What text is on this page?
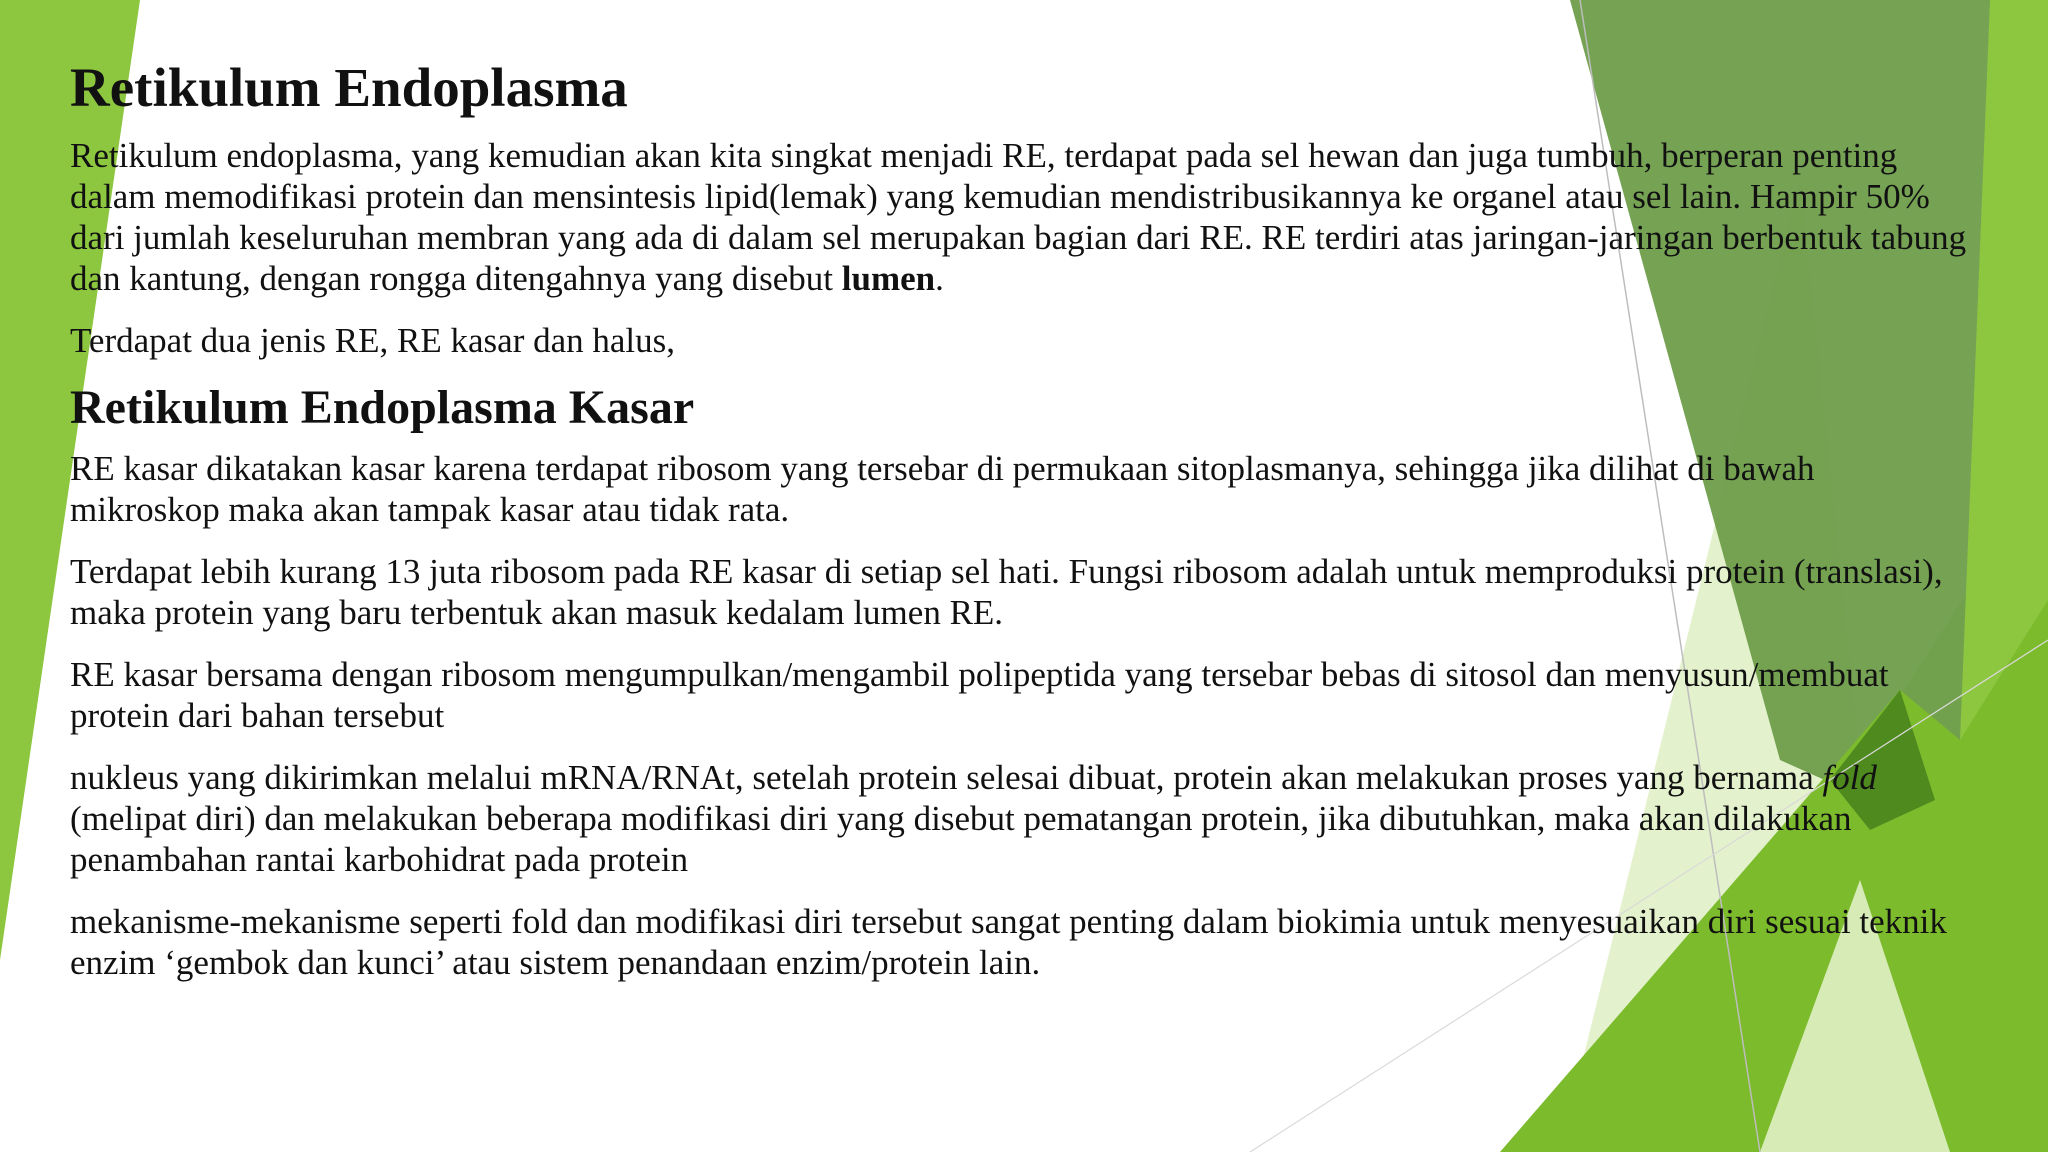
Retikulum Endoplasma

Retikulum endoplasma, yang kemudian akan kita singkat menjadi RE, terdapat pada sel hewan dan juga tumbuh, berperan penting dalam memodifikasi protein dan mensintesis lipid(lemak) yang kemudian mendistribusikannya ke organel atau sel lain. Hampir 50% dari jumlah keseluruhan membran yang ada di dalam sel merupakan bagian dari RE. RE terdiri atas jaringan-jaringan berbentuk tabung dan kantung, dengan rongga ditengahnya yang disebut lumen.

Terdapat dua jenis RE, RE kasar dan halus,

Retikulum Endoplasma Kasar

RE kasar dikatakan kasar karena terdapat ribosom yang tersebar di permukaan sitoplasmanya, sehingga jika dilihat di bawah mikroskop maka akan tampak kasar atau tidak rata.

Terdapat lebih kurang 13 juta ribosom pada RE kasar di setiap sel hati. Fungsi ribosom adalah untuk memproduksi protein (translasi), maka protein yang baru terbentuk akan masuk kedalam lumen RE.

RE kasar bersama dengan ribosom mengumpulkan/mengambil polipeptida yang tersebar bebas di sitosol dan menyusun/membuat protein dari bahan tersebut

nukleus yang dikirimkan melalui mRNA/RNAt, setelah protein selesai dibuat, protein akan melakukan proses yang bernama fold (melipat diri) dan melakukan beberapa modifikasi diri yang disebut pematangan protein, jika dibutuhkan, maka akan dilakukan penambahan rantai karbohidrat pada protein

mekanisme-mekanisme seperti fold dan modifikasi diri tersebut sangat penting dalam biokimia untuk menyesuaikan diri sesuai teknik enzim ‘gembok dan kunci’ atau sistem penandaan enzim/protein lain.
